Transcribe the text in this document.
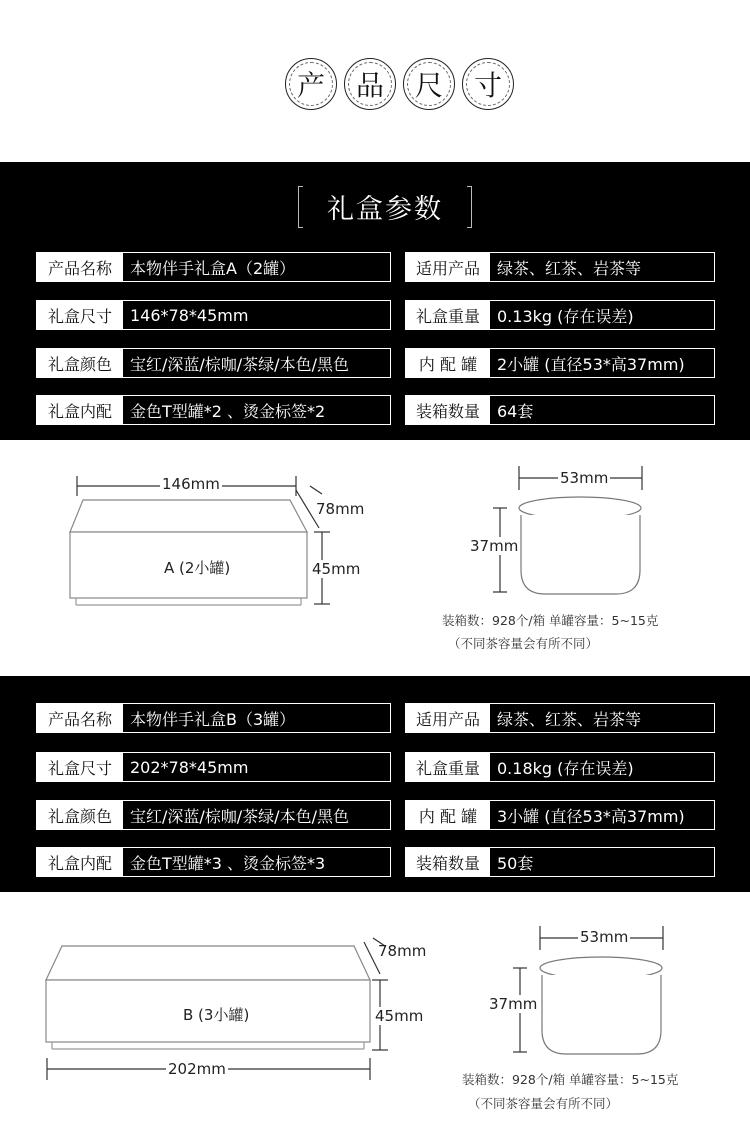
产	品	尺	寸
礼盒参数
产品名称	本物伴手礼盒A（2罐）	适用产品	绿茶、红茶、岩茶等
礼盒尺寸	146*78*45mm	礼盒重量	0.13kg (存在误差)
礼盒颜色	宝红/深蓝/棕咖/茶绿/本色/黑色	内 配 罐	2小罐 (直径53*高37mm)
礼盒内配	金色T型罐*2 、烫金标签*2	装箱数量	64套
146mm
78mm
45mm
A (2小罐)
53mm
37mm
装箱数：928个/箱 单罐容量：5~15克
（不同茶容量会有所不同）
产品名称	本物伴手礼盒B（3罐）	适用产品	绿茶、红茶、岩茶等
礼盒尺寸	202*78*45mm	礼盒重量	0.18kg (存在误差)
礼盒颜色	宝红/深蓝/棕咖/茶绿/本色/黑色	内 配 罐	3小罐 (直径53*高37mm)
礼盒内配	金色T型罐*3 、烫金标签*3	装箱数量	50套
202mm
78mm
45mm
B (3小罐)
53mm
37mm
装箱数：928个/箱 单罐容量：5~15克
（不同茶容量会有所不同）
